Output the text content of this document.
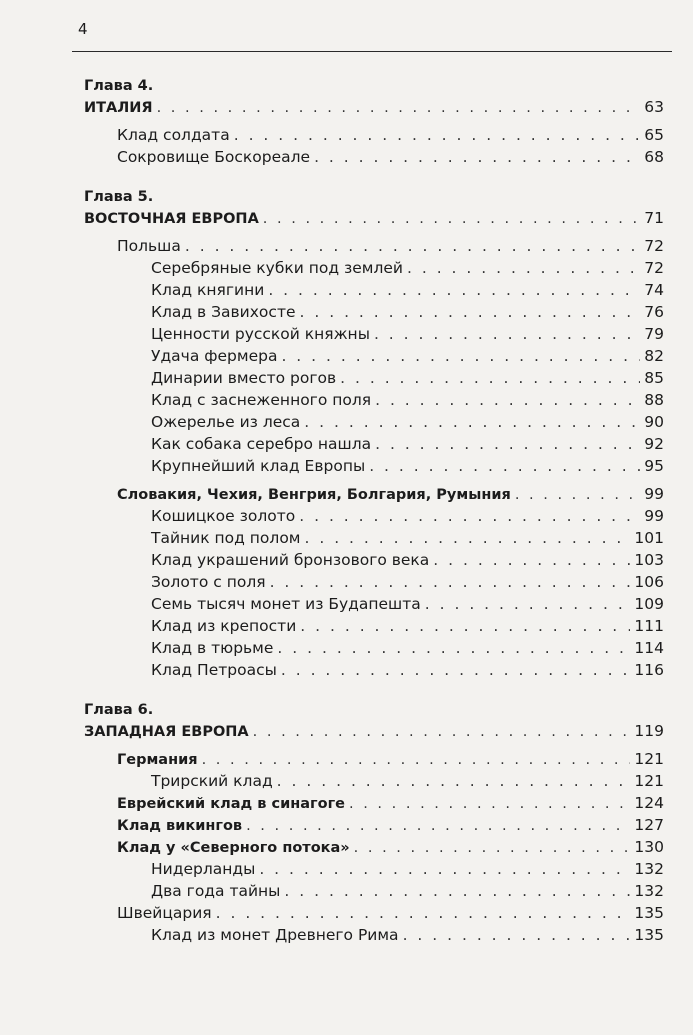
4
Глава 4.
ИТАЛИЯ . . .	63
Клад солдата . . .	65
Сокровище Боскореале . . .	68
Глава 5.
ВОСТОЧНАЯ ЕВРОПА . . .	71
Польша . . .	72
Серебряные кубки под землей . . .	72
Клад княгини . . .	74
Клад в Завихосте . . .	76
Ценности русской княжны . . .	79
Удача фермера . . .	82
Динарии вместо рогов . . .	85
Клад с заснеженного поля . . .	88
Ожерелье из леса . . .	90
Как собака серебро нашла . . .	92
Крупнейший клад Европы . . .	95
Словакия, Чехия, Венгрия, Болгария, Румыния . . .	99
Кошицкое золото . . .	99
Тайник под полом . . .	101
Клад украшений бронзового века . . .	103
Золото с поля . . .	106
Семь тысяч монет из Будапешта . . .	109
Клад из крепости . . .	111
Клад в тюрьме . . .	114
Клад Петроасы . . .	116
Глава 6.
ЗАПАДНАЯ ЕВРОПА . . .	119
Германия . . .	121
Трирский клад . . .	121
Еврейский клад в синагоге . . .	124
Клад викингов . . .	127
Клад у «Северного потока» . . .	130
Нидерланды . . .	132
Два года тайны . . .	132
Швейцария . . .	135
Клад из монет Древнего Рима . . .	135
